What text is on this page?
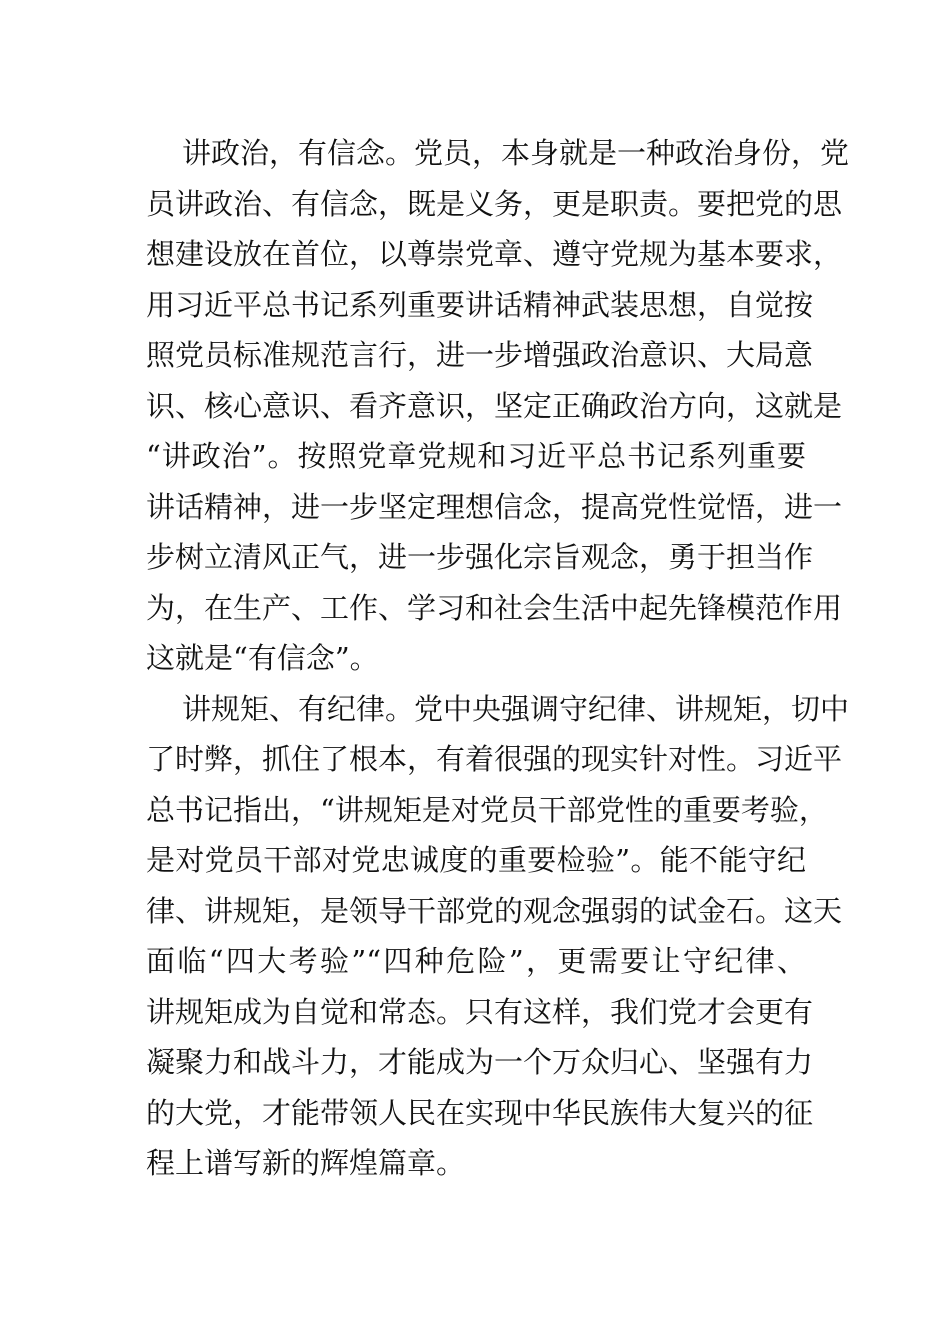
讲政治，有信念。党员，本身就是一种政治身份，党
员讲政治、有信念，既是义务，更是职责。要把党的思
想建设放在首位，以尊崇党章、遵守党规为基本要求，
用习近平总书记系列重要讲话精神武装思想，自觉按
照党员标准规范言行，进一步增强政治意识、大局意
识、核心意识、看齐意识，坚定正确政治方向，这就是
“讲政治”。按照党章党规和习近平总书记系列重要
讲话精神，进一步坚定理想信念，提高党性觉悟，进一
步树立清风正气，进一步强化宗旨观念，勇于担当作
为，在生产、工作、学习和社会生活中起先锋模范作用
这就是“有信念”。
讲规矩、有纪律。党中央强调守纪律、讲规矩，切中
了时弊，抓住了根本，有着很强的现实针对性。习近平
总书记指出，“讲规矩是对党员干部党性的重要考验，
是对党员干部对党忠诚度的重要检验”。能不能守纪
律、讲规矩，是领导干部党的观念强弱的试金石。这天
面临“四大考验”“四种危险”，更需要让守纪律、
讲规矩成为自觉和常态。只有这样，我们党才会更有
凝聚力和战斗力，才能成为一个万众归心、坚强有力
的大党，才能带领人民在实现中华民族伟大复兴的征
程上谱写新的辉煌篇章。
